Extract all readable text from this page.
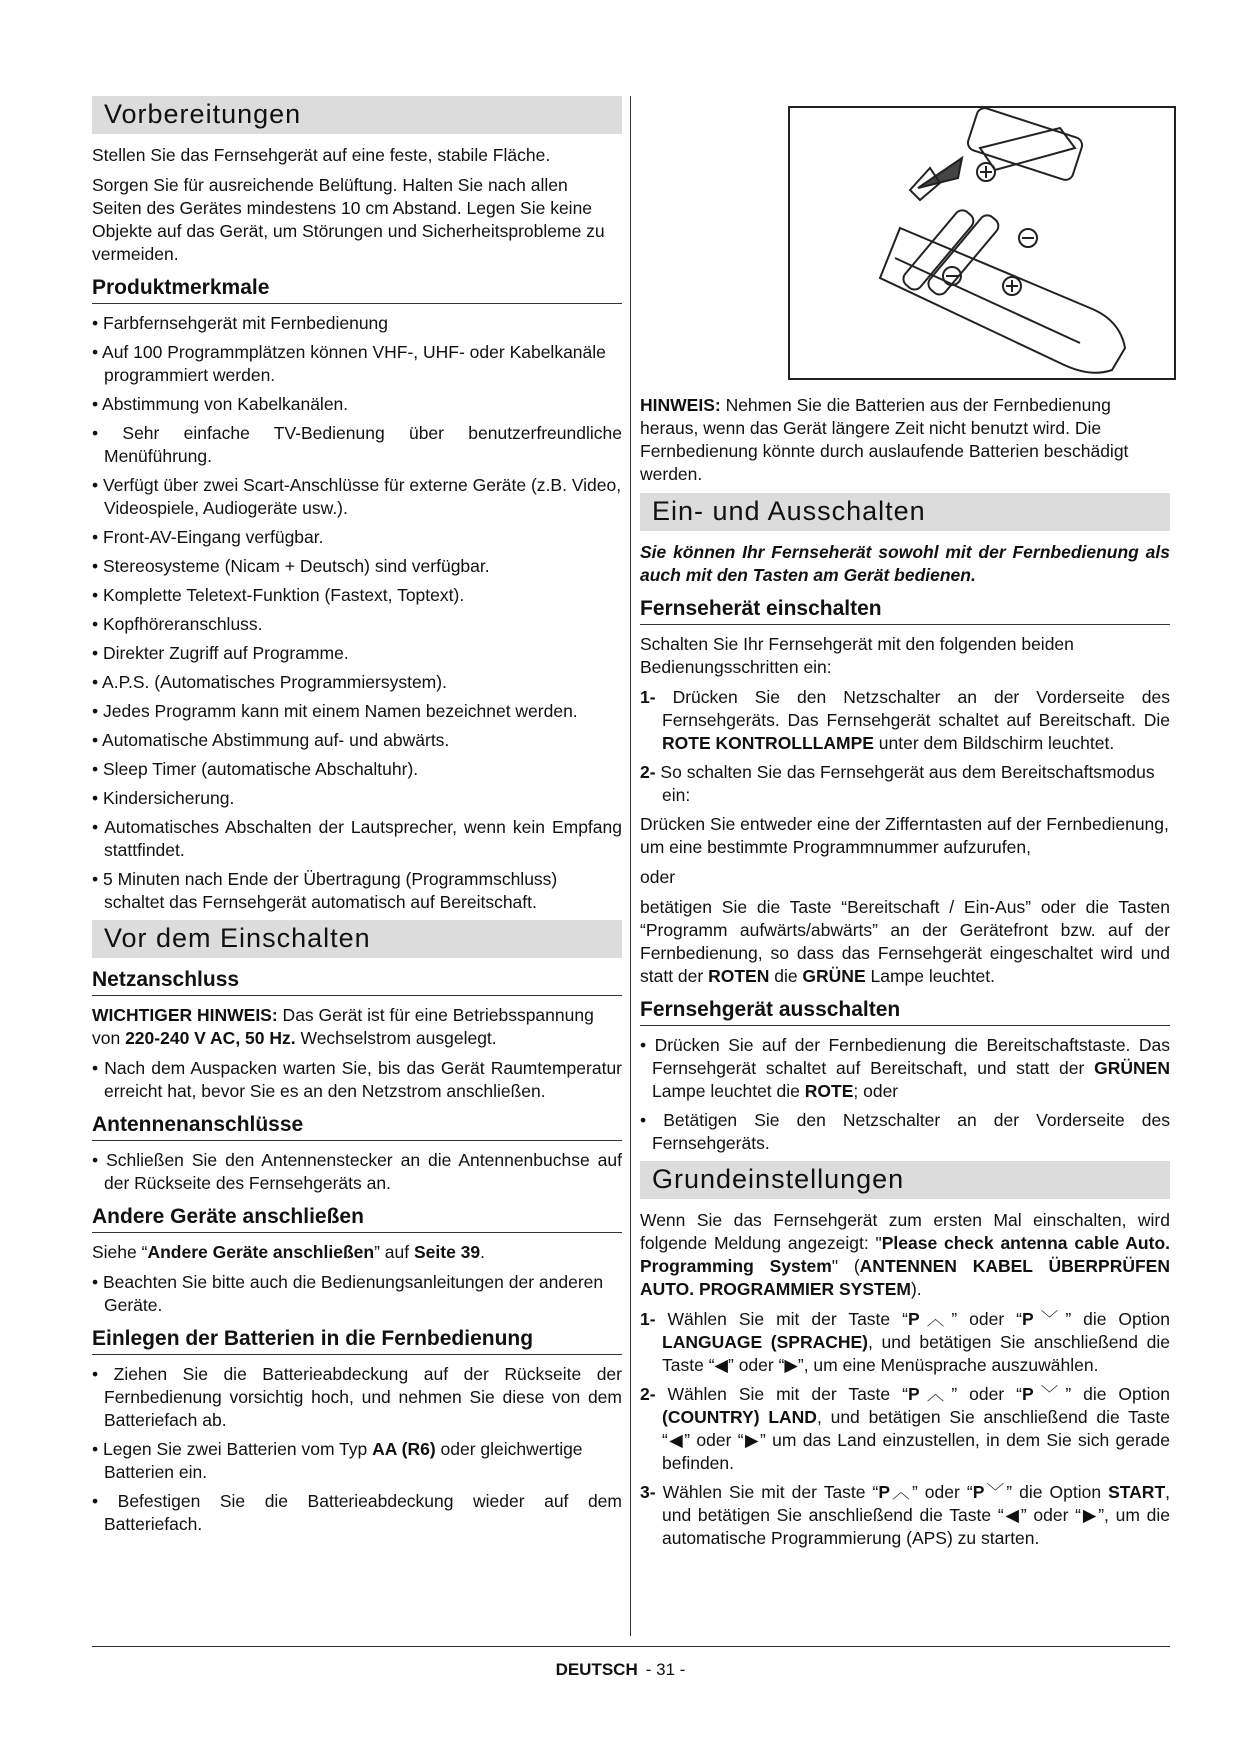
Vorbereitungen

Stellen Sie das Fernsehgerät auf eine feste, stabile Fläche.

Sorgen Sie für ausreichende Belüftung. Halten Sie nach allen Seiten des Gerätes mindestens 10 cm Abstand. Legen Sie keine Objekte auf das Gerät, um Störungen und Sicherheitsprobleme zu vermeiden.

Produktmerkmale
• Farbfernsehgerät mit Fernbedienung
• Auf 100 Programmplätzen können VHF-, UHF- oder Kabelkanäle programmiert werden.
• Abstimmung von Kabelkanälen.
• Sehr einfache TV-Bedienung über benutzerfreundliche Menüführung.
• Verfügt über zwei Scart-Anschlüsse für externe Geräte (z.B. Video, Videospiele, Audiogeräte usw.).
• Front-AV-Eingang verfügbar.
• Stereosysteme (Nicam + Deutsch) sind verfügbar.
• Komplette Teletext-Funktion (Fastext, Toptext).
• Kopfhöreranschluss.
• Direkter Zugriff auf Programme.
• A.P.S. (Automatisches Programmiersystem).
• Jedes Programm kann mit einem Namen bezeichnet werden.
• Automatische Abstimmung auf- und abwärts.
• Sleep Timer (automatische Abschaltuhr).
• Kindersicherung.
• Automatisches Abschalten der Lautsprecher, wenn kein Empfang stattfindet.
• 5 Minuten nach Ende der Übertragung (Programmschluss) schaltet das Fernsehgerät automatisch auf Bereitschaft.
Vor dem Einschalten
Netzanschluss

WICHTIGER HINWEIS: Das Gerät ist für eine Betriebsspannung von 220-240 V AC, 50 Hz. Wechselstrom ausgelegt.

• Nach dem Auspacken warten Sie, bis das Gerät Raumtemperatur erreicht hat, bevor Sie es an den Netzstrom anschließen.
Antennenanschlüsse
• Schließen Sie den Antennenstecker an die Antennenbuchse auf der Rückseite des Fernsehgeräts an.
Andere Geräte anschließen

Siehe “Andere Geräte anschließen” auf Seite 39.

• Beachten Sie bitte auch die Bedienungsanleitungen der anderen Geräte.
Einlegen der Batterien in die Fernbedienung
• Ziehen Sie die Batterieabdeckung auf der Rückseite der Fernbedienung vorsichtig hoch, und nehmen Sie diese von dem Batteriefach ab.
• Legen Sie zwei Batterien vom Typ AA (R6) oder gleichwertige Batterien ein.
• Befestigen Sie die Batterieabdeckung wieder auf dem Batteriefach.

HINWEIS: Nehmen Sie die Batterien aus der Fernbedienung heraus, wenn das Gerät längere Zeit nicht benutzt wird. Die Fernbedienung könnte durch auslaufende Batterien beschädigt werden.

Ein- und Ausschalten

Sie können Ihr Fernseherät sowohl mit der Fernbedienung als auch mit den Tasten am Gerät bedienen.

Fernseherät einschalten

Schalten Sie Ihr Fernsehgerät mit den folgenden beiden Bedienungsschritten ein:

1- Drücken Sie den Netzschalter an der Vorderseite des Fernsehgeräts. Das Fernsehgerät schaltet auf Bereitschaft. Die ROTE KONTROLLLAMPE unter dem Bildschirm leuchtet.

2- So schalten Sie das Fernsehgerät aus dem Bereitschaftsmodus ein:

Drücken Sie entweder eine der Zifferntasten auf der Fernbedienung, um eine bestimmte Programmnummer aufzurufen,

oder

betätigen Sie die Taste “Bereitschaft / Ein-Aus” oder die Tasten “Programm aufwärts/abwärts” an der Gerätefront bzw. auf der Fernbedienung, so dass das Fernsehgerät eingeschaltet wird und statt der ROTEN die GRÜNE Lampe leuchtet.

Fernsehgerät ausschalten
• Drücken Sie auf der Fernbedienung die Bereitschaftstaste. Das Fernsehgerät schaltet auf Bereitschaft, und statt der GRÜNEN Lampe leuchtet die ROTE; oder
• Betätigen Sie den Netzschalter an der Vorderseite des Fernsehgeräts.
Grundeinstellungen

Wenn Sie das Fernsehgerät zum ersten Mal einschalten, wird folgende Meldung angezeigt: "Please check antenna cable Auto. Programming System" (ANTENNEN KABEL ÜBERPRÜFEN AUTO. PROGRAMMIER SYSTEM).

1- Wählen Sie mit der Taste “P︿” oder “P﹀” die Option LANGUAGE (SPRACHE), und betätigen Sie anschließend die Taste “◀” oder “▶”, um eine Menüsprache auszuwählen.

2- Wählen Sie mit der Taste “P︿” oder “P﹀” die Option (COUNTRY) LAND, und betätigen Sie anschließend die Taste “◀” oder “▶” um das Land einzustellen, in dem Sie sich gerade befinden.

3- Wählen Sie mit der Taste “P︿” oder “P﹀” die Option START, und betätigen Sie anschließend die Taste “◀” oder “▶”, um die automatische Programmierung (APS) zu starten.

DEUTSCH - 31 -
